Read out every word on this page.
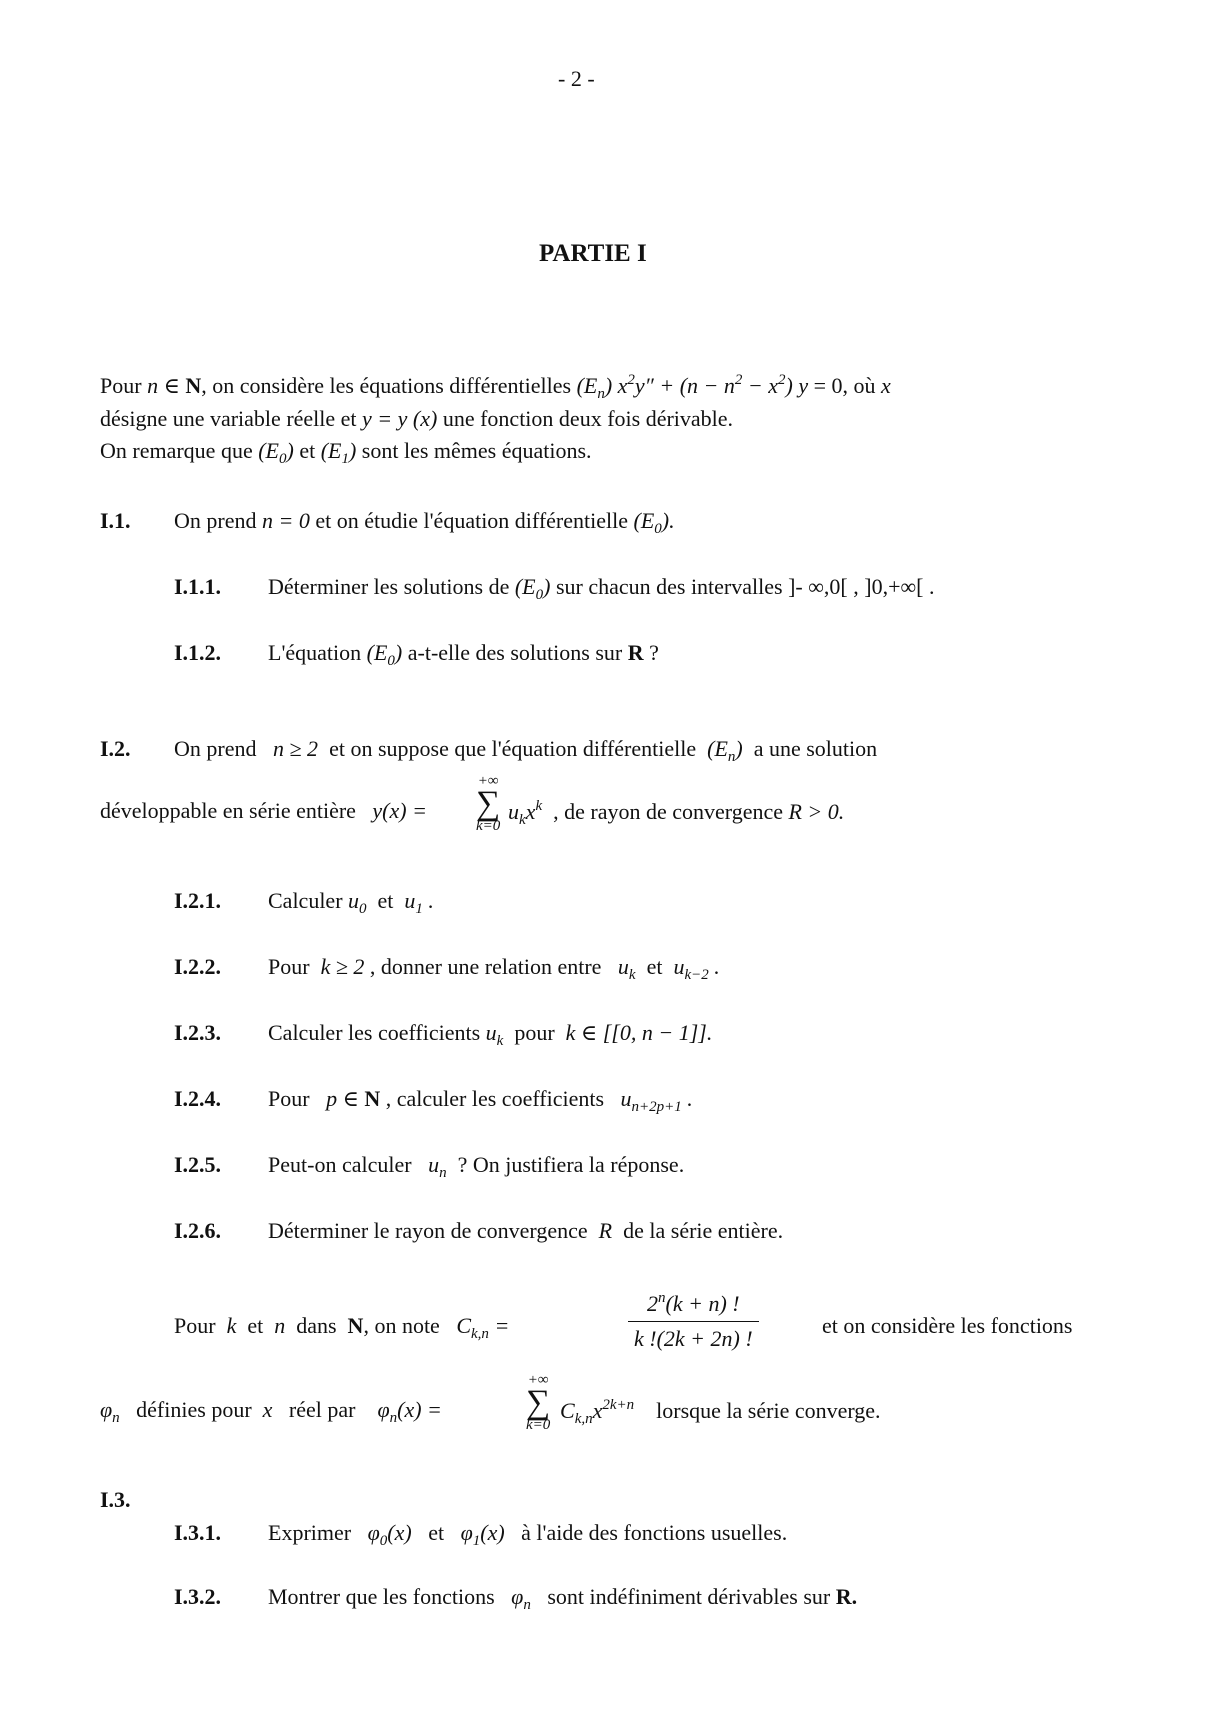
- 2 -
PARTIE I
Pour n ∈ N, on considère les équations différentielles $(E_n) x^2y'' + (n - n^2 - x^2) y = 0$, où x
désigne une variable réelle et y = y (x) une fonction deux fois dérivable.
On remarque que $(E_0)$ et $(E_1)$ sont les mêmes équations.
I.1. On prend n = 0 et on étudie l'équation différentielle $(E_0)$.
I.1.1. Déterminer les solutions de $(E_0)$ sur chacun des intervalles ]- ∞,0[ , ]0,+∞[ .
I.1.2. L'équation $(E_0)$ a-t-elle des solutions sur R ?
I.2. On prend   n ≥ 2  et on suppose que l'équation différentielle  $(E_n)$  a une solution
développable en série entière   y(x) =
+∞
∑
k=0
$u_kx^k$ , de rayon de convergence R > 0.
I.2.1. Calculer $u_0$ et  $u_1$ .
I.2.2. Pour  k ≥ 2 , donner une relation entre   $u_k$ et  $u_{k-2}$ .
I.2.3. Calculer les coefficients $u_k$ pour  k ∈ [[0, n − 1]].
I.2.4. Pour   p ∈ N , calculer les coefficients   $u_{n+2p+1}$ .
I.2.5. Peut-on calculer   $u_n$ ? On justifiera la réponse.
I.2.6. Déterminer le rayon de convergence R de la série entière.
Pour k et n dans N, on note   $C_{k,n}$ =	$\frac{2^n(k + n) !}{k !(2k + 2n) !}$	et on considère les fonctions
$\varphi_n$ définies pour x réel par    $\varphi_n(x)$ =
+∞
∑
k=0
$C_{k,n}x^{2k+n}$ lorsque la série converge.
I.3.
I.3.1. Exprimer   $\varphi_0(x)$   et   $\varphi_1(x)$   à l'aide des fonctions usuelles.
I.3.2. Montrer que les fonctions   $\varphi_n$ sont indéfiniment dérivables sur R.
